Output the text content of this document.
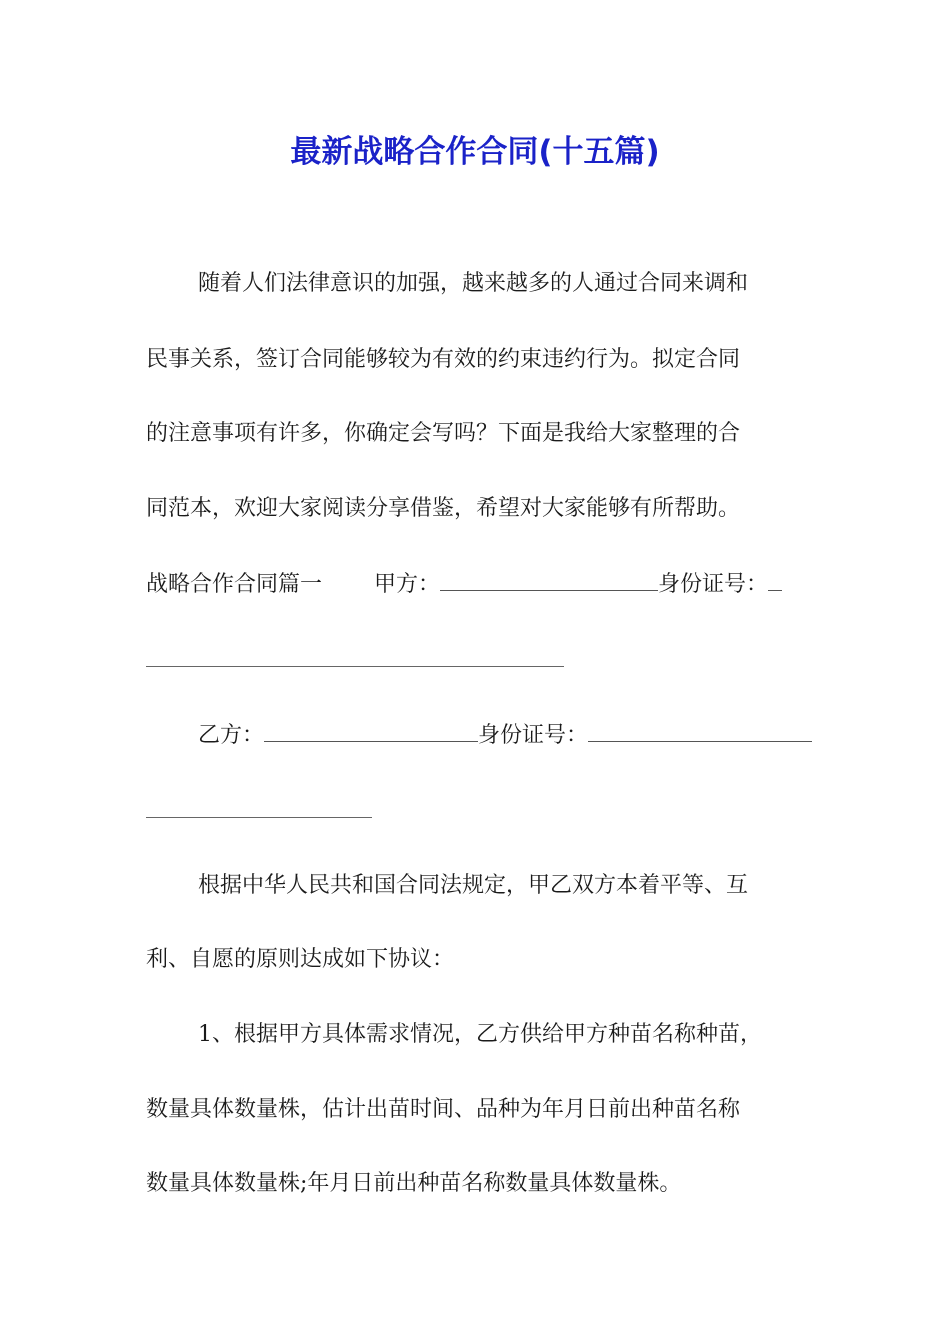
最新战略合作合同(十五篇)
随着人们法律意识的加强，越来越多的人通过合同来调和
民事关系，签订合同能够较为有效的约束违约行为。拟定合同
的注意事项有许多，你确定会写吗？下面是我给大家整理的合
同范本，欢迎大家阅读分享借鉴，希望对大家能够有所帮助。
战略合作合同篇一 甲方：	身份证号：
乙方：	身份证号：
根据中华人民共和国合同法规定，甲乙双方本着平等、互
利、自愿的原则达成如下协议：
1、根据甲方具体需求情况，乙方供给甲方种苗名称种苗，
数量具体数量株，估计出苗时间、品种为年月日前出种苗名称
数量具体数量株;年月日前出种苗名称数量具体数量株。
